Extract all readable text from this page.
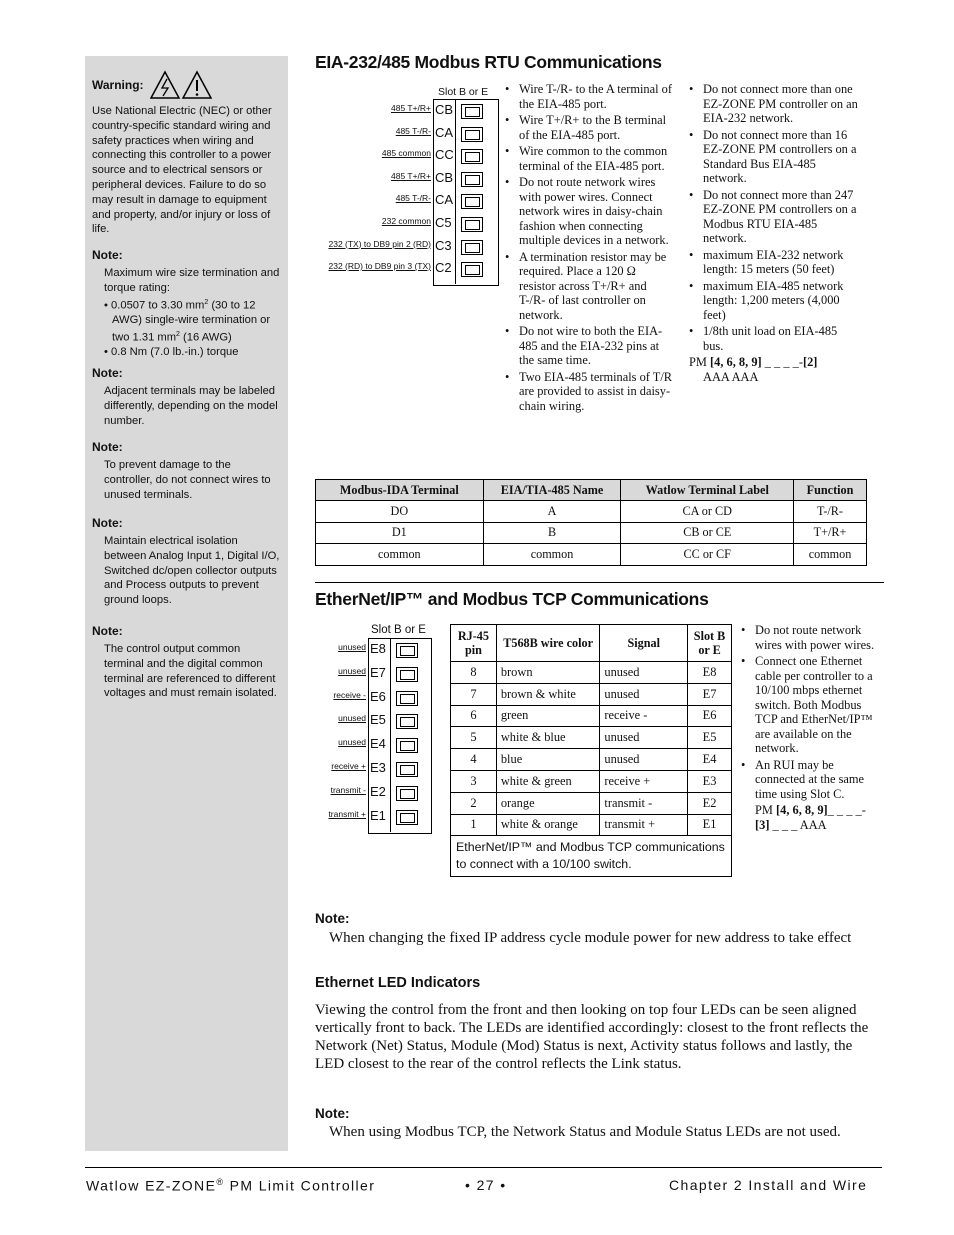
Warning:
Use National Electric (NEC) or other country-specific standard wiring and safety practices when wiring and connecting this controller to a power source and to electrical sensors or peripheral devices. Failure to do so may result in damage to equipment and property, and/or injury or loss of life.
Note:
Maximum wire size termination and torque rating:
• 0.0507 to 3.30 $mm^2$ (30 to 12 AWG) single-wire termination or two 1.31 $mm^2$ (16 AWG)
• 0.8 Nm (7.0 lb.-in.) torque
Note:
Adjacent terminals may be labeled differently, depending on the model number.
Note:
To prevent damage to the controller, do not connect wires to unused terminals.
Note:
Maintain electrical isolation between Analog Input 1, Digital I/O, Switched dc/open collector outputs and Process outputs to prevent ground loops.
Note:
The control output common terminal and the digital common terminal are referenced to different voltages and must remain isolated.
EIA-232/485 Modbus RTU Communications
Slot B or E
CB
485 T+/R+
CA
485 T-/R-
CC
485 common
CB
485 T+/R+
CA
485 T-/R-
C5
232 common
C3
232 (TX) to DB9 pin 2 (RD)
C2
232 (RD) to DB9 pin 3 (TX)
• Wire T-/R- to the A terminal of the EIA-485 port.
• Wire T+/R+ to the B terminal of the EIA-485 port.
• Wire common to the common terminal of the EIA-485 port.
• Do not route network wires with power wires. Connect network wires in daisy-chain fashion when connecting multiple devices in a network.
• A termination resistor may be required. Place a 120 Ω resistor across T+/R+ and T-/R- of last controller on network.
• Do not wire to both the EIA-485 and the EIA-232 pins at the same time.
• Two EIA-485 terminals of T/R are provided to assist in daisy-chain wiring.
• Do not connect more than one EZ-ZONE PM controller on an EIA-232 network.
• Do not connect more than 16 EZ-ZONE PM controllers on a Standard Bus EIA-485 network.
• Do not connect more than 247 EZ-ZONE PM controllers on a Modbus RTU EIA-485 network.
• maximum EIA-232 network length: 15 meters (50 feet)
• maximum EIA-485 network length: 1,200 meters (4,000 feet)
• 1/8th unit load on EIA-485 bus.
PM [4, 6, 8, 9] _ _ _ _-[2]
AAA AAA
Modbus-IDA Terminal	EIA/TIA-485 Name	Watlow Terminal Label	Function
DO	A	CA or CD	T-/R-
D1	B	CB or CE	T+/R+
common	common	CC or CF	common
EtherNet/IP™ and Modbus TCP Communications
Slot B or E
E8
unused
E7
unused
E6
receive -
E5
unused
E4
unused
E3
receive +
E2
transmit -
E1
transmit +
RJ-45 pin	T568B wire color	Signal	Slot B or E
8	brown	unused	E8
7	brown & white	unused	E7
6	green	receive -	E6
5	white & blue	unused	E5
4	blue	unused	E4
3	white & green	receive +	E3
2	orange	transmit -	E2
1	white & orange	transmit +	E1
EtherNet/IP™ and Modbus TCP communications to connect with a 10/100 switch.			
• Do not route network wires with power wires.
• Connect one Ethernet cable per controller to a 10/100 mbps ethernet switch. Both Modbus TCP and EtherNet/IP™ are available on the network.
• An RUI may be connected at the same time using Slot C.
PM [4, 6, 8, 9]_ _ _ _-[3] _ _ _ AAA
Note:
When changing the fixed IP address cycle module power for new address to take effect
Ethernet LED Indicators
Viewing the control from the front and then looking on top four LEDs can be seen aligned vertically front to back. The LEDs are identified accordingly: closest to the front reflects the Network (Net) Status, Module (Mod) Status is next, Activity status follows and lastly, the LED closest to the rear of the control reflects the Link status.
Note:
When using Modbus TCP, the Network Status and Module Status LEDs are not used.
Watlow EZ-ZONE® PM Limit Controller	• 27 •	Chapter 2 Install and Wire
